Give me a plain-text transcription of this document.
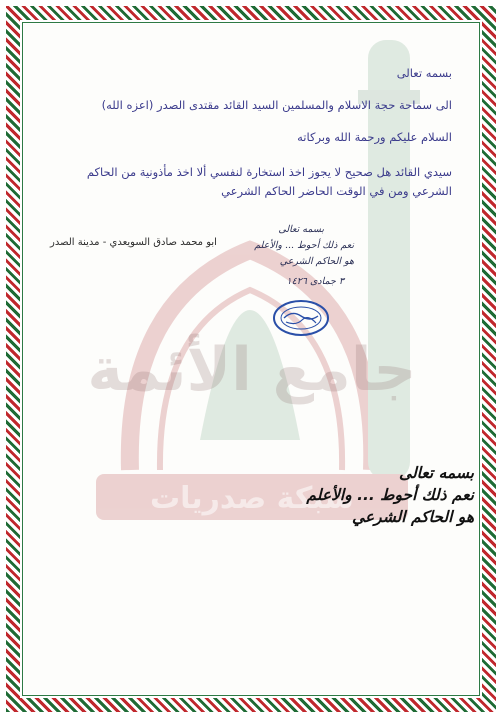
جامع الأئمة
شبكة صدريات
بسمه تعالى
الى سماحة حجة الاسلام والمسلمين السيد القائد مقتدى الصدر (اعزه الله)
السلام عليكم ورحمة الله وبركاته
سيدي القائد هل صحيح لا يجوز اخذ استخارة لنفسي ألا اخذ مأذونية من الحاكم
الشرعي ومن في الوقت الحاضر الحاكم الشرعي
ابو محمد صادق السويعدي - مدينة الصدر
بسمه تعالى
نعم ذلك أحوط ... والأعلم
هو الحاكم الشرعي
٣ جمادى ١٤٢٦
بسمه تعالى
نعم ذلك أحوط ... والأعلم
هو الحاكم الشرعي
